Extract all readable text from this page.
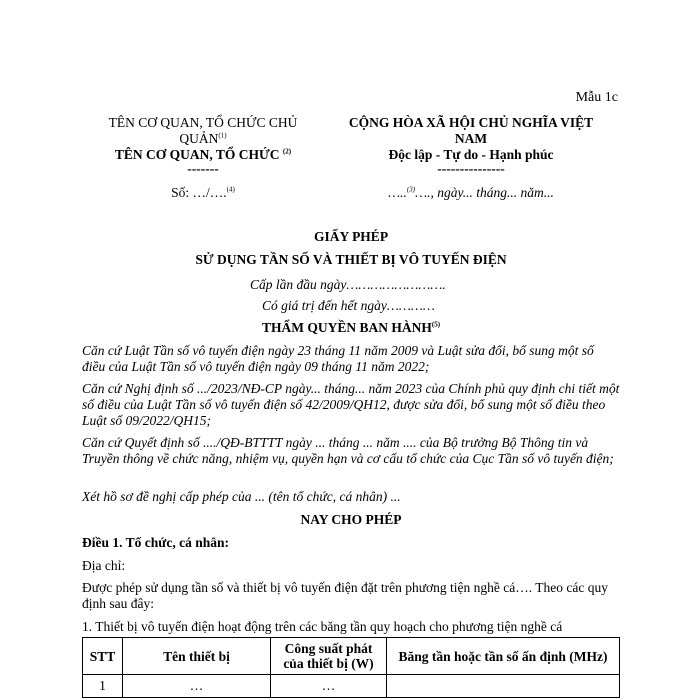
Mẫu 1c
TÊN CƠ QUAN, TỔ CHỨC CHỦ QUẢN$^{(1)}$
TÊN CƠ QUAN, TỔ CHỨC $^{(2)}$
-------
CỘNG HÒA XÃ HỘI CHỦ NGHĨA VIỆT NAM
Độc lập - Tự do - Hạnh phúc
---------------
Số: …/….$^{(4)}$	…..$^{(3)}$…., ngày... tháng... năm...
GIẤY PHÉP
SỬ DỤNG TẦN SỐ VÀ THIẾT BỊ VÔ TUYẾN ĐIỆN
Cấp lần đầu ngày…………………….
Có giá trị đến hết ngày…………
THẨM QUYỀN BAN HÀNH$^{(5)}$
Căn cứ Luật Tần số vô tuyến điện ngày 23 tháng 11 năm 2009 và Luật sửa đổi, bổ sung một số điều của Luật Tần số vô tuyến điện ngày 09 tháng 11 năm 2022;
Căn cứ Nghị định số .../2023/NĐ-CP ngày... tháng... năm 2023 của Chính phủ quy định chi tiết một số điều của Luật Tần số vô tuyến điện số 42/2009/QH12, được sửa đổi, bổ sung một số điều theo Luật số 09/2022/QH15;
Căn cứ Quyết định số ..../QĐ-BTTTT ngày ... tháng ... năm .... của Bộ trưởng Bộ Thông tin và Truyền thông về chức năng, nhiệm vụ, quyền hạn và cơ cấu tổ chức của Cục Tần số vô tuyến điện;
Xét hồ sơ đề nghị cấp phép của ... (tên tổ chức, cá nhân) ...
NAY CHO PHÉP
Điều 1. Tổ chức, cá nhân:
Địa chỉ:
Được phép sử dụng tần số và thiết bị vô tuyến điện đặt trên phương tiện nghề cá…. Theo các quy định sau đây:
1. Thiết bị vô tuyến điện hoạt động trên các băng tần quy hoạch cho phương tiện nghề cá
STT	Tên thiết bị	Công suất phát của thiết bị (W)	Băng tần hoặc tần số ấn định (MHz)
1	…	…	
